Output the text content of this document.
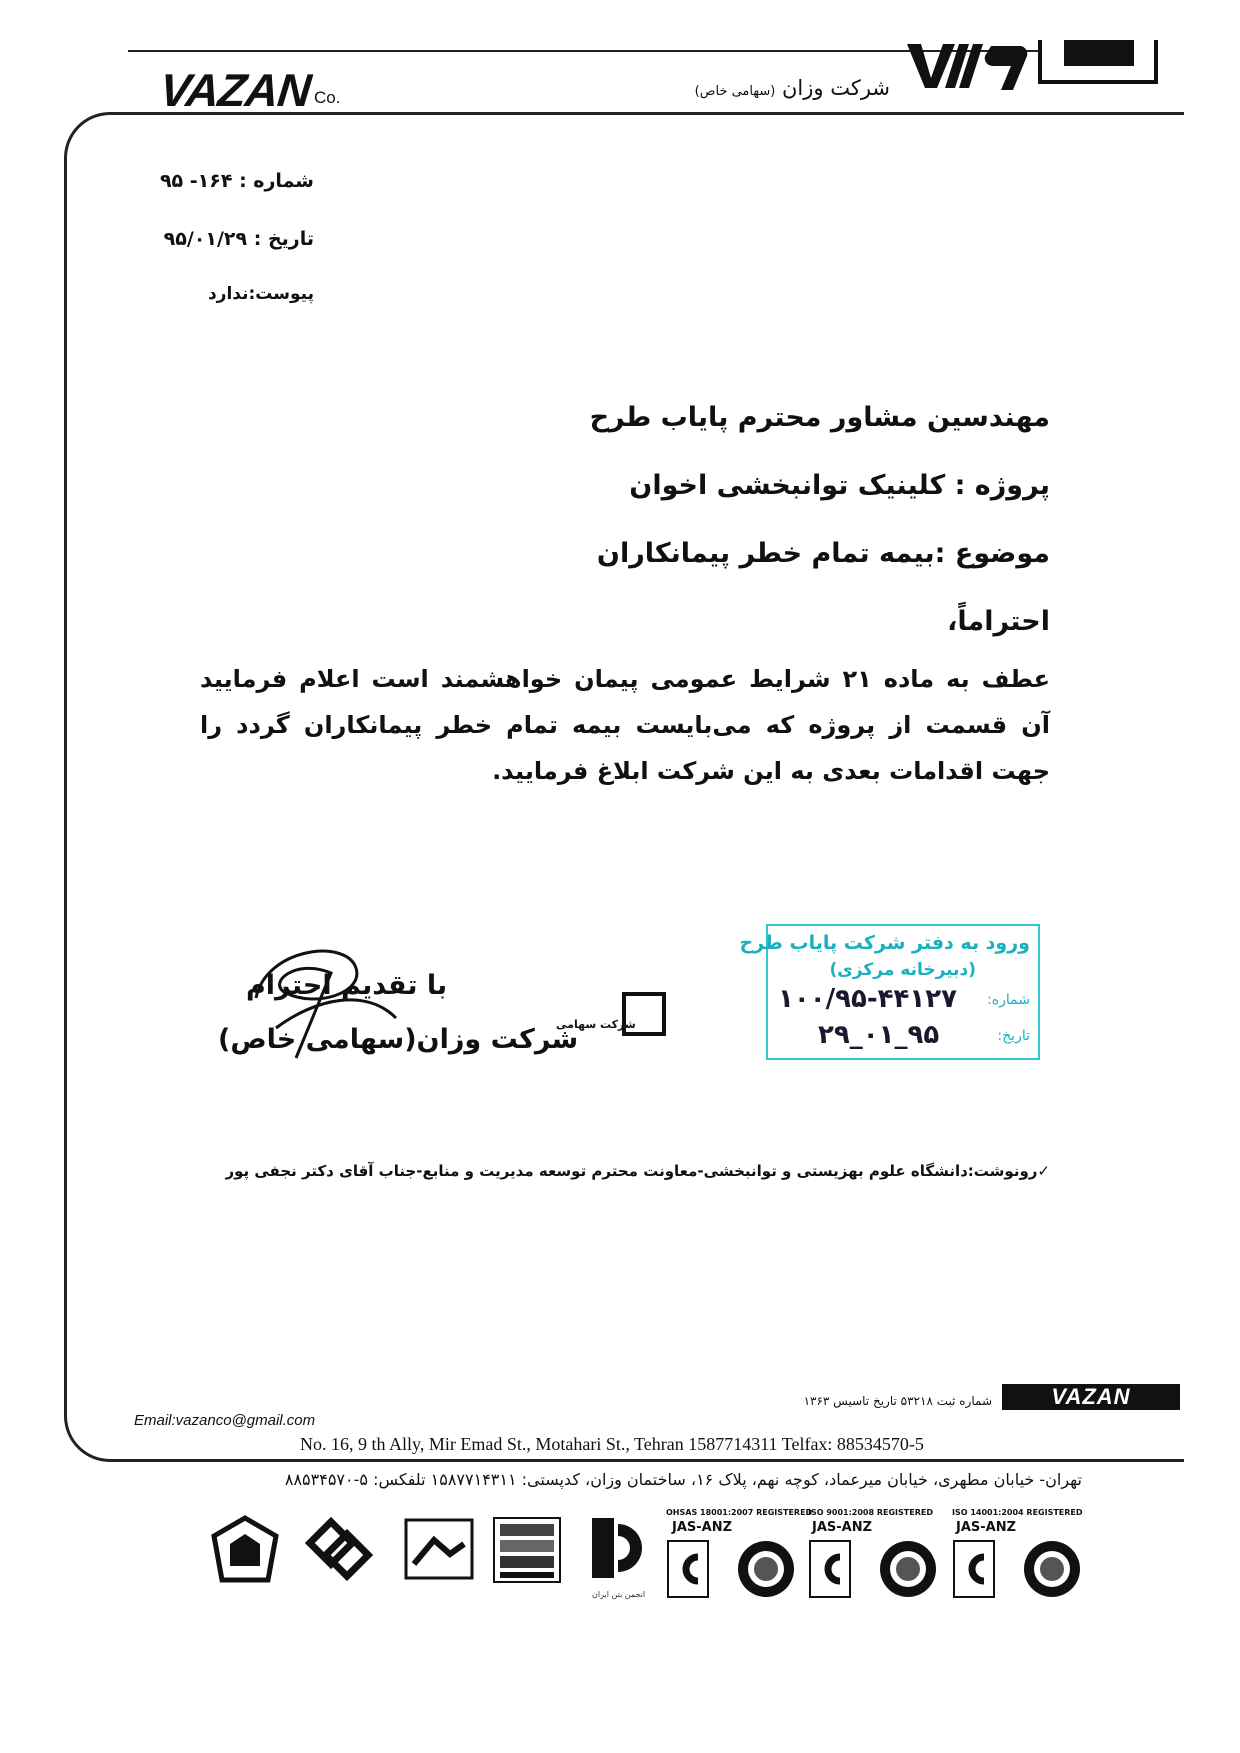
VAZAN Co.	شرکت وزان (سهامی خاص)
شماره : ۱۶۴- ۹۵
تاریخ : ۹۵/۰۱/۲۹
پیوست:ندارد
مهندسین مشاور محترم پایاب طرح
پروژه : کلینیک توانبخشی اخوان
موضوع :بیمه تمام خطر پیمانکاران
احتراماً،
عطف به ماده ۲۱ شرایط عمومی پیمان خواهشمند است اعلام فرمایید آن قسمت از پروژه که می‌بایست بیمه تمام خطر پیمانکاران گردد را جهت اقدامات بعدی به این شرکت ابلاغ فرمایید.
ورود به دفتر شرکت پایاب طرح
(دبیرخانه مرکزی)
شماره:
۱۰۰/۹۵-۴۴۱۲۷
تاریخ:
۹۵_۰۱_۲۹
با تقدیم احترام
شرکت وزان(سهامی خاص)
شرکت سهامی
✓رونوشت:دانشگاه علوم بهزیستی و توانبخشی-معاونت محترم توسعه مدیریت و منابع-جناب آقای دکتر نجفی پور
شماره ثبت ۵۳۲۱۸ تاریخ تاسیس ۱۳۶۳	VAZAN
Email:vazanco@gmail.com
No. 16, 9 th Ally, Mir Emad St., Motahari St., Tehran 1587714311 Telfax: 88534570-5
تهران- خیابان مطهری، خیابان میرعماد، کوچه نهم، پلاک ۱۶، ساختمان وزان، کدپستی: ۱۵۸۷۷۱۴۳۱۱ تلفکس: ۵-۸۸۵۳۴۵۷۰
OHSAS 18001:2007 REGISTERED
JAS-ANZ
ISO 9001:2008 REGISTERED
JAS-ANZ
ISO 14001:2004 REGISTERED
JAS-ANZ
انجمن بتن ایران
